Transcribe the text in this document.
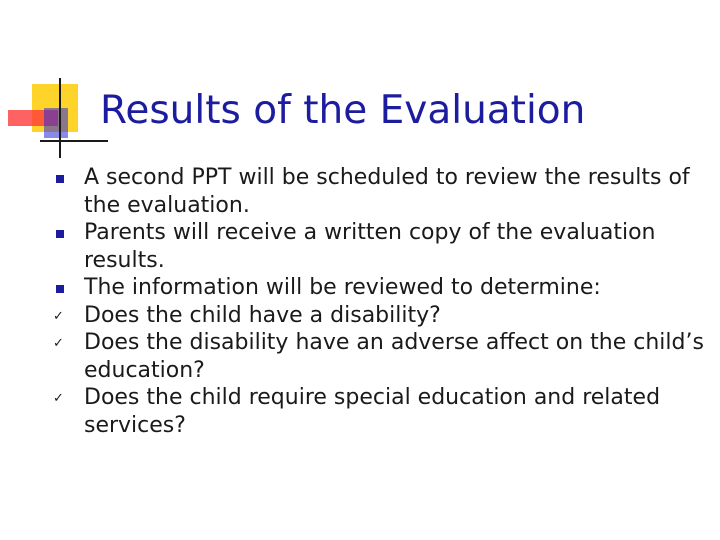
Results of the Evaluation
A second PPT will be scheduled to review the results of the evaluation.
Parents will receive a written copy of the evaluation results.
The information will be reviewed to determine:
✓ Does the child have a disability?
✓ Does the disability have an adverse affect on the child’s education?
✓ Does the child require special education and related services?
